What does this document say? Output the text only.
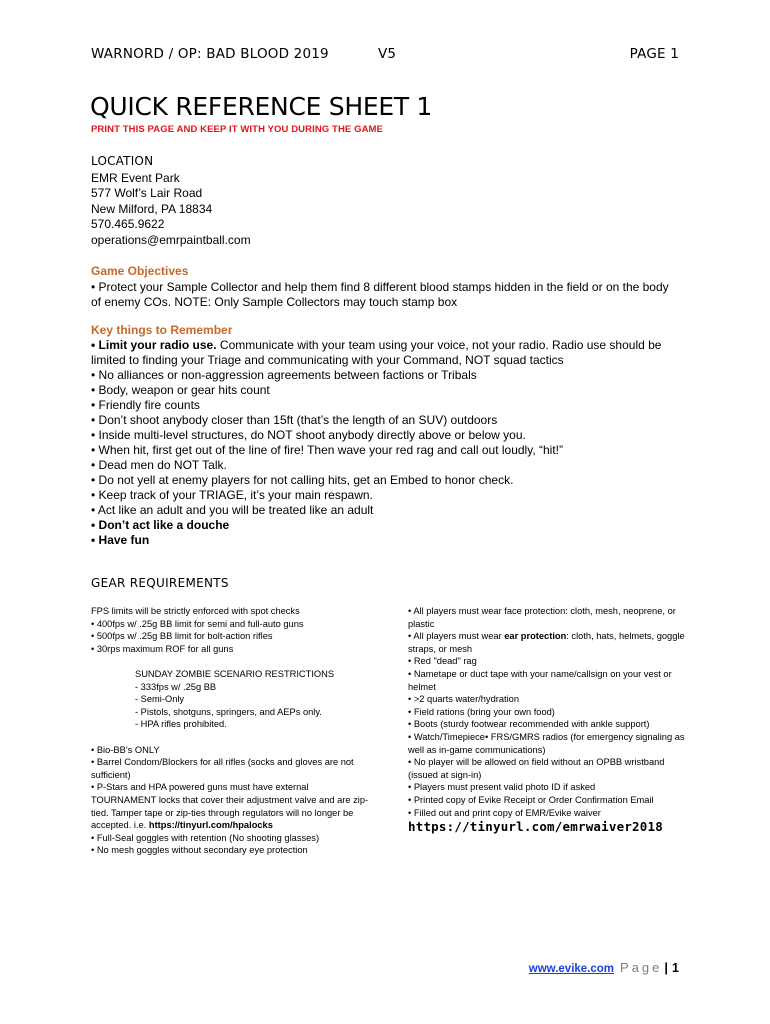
WARNORD / OP: BAD BLOOD 2019	V5	PAGE 1
QUICK REFERENCE SHEET 1
PRINT THIS PAGE AND KEEP IT WITH YOU DURING THE GAME
LOCATION
EMR Event Park
577 Wolf’s Lair Road
New Milford, PA 18834
570.465.9622
operations@emrpaintball.com
Game Objectives
• Protect your Sample Collector and help them find 8 different blood stamps hidden in the field or on the body of enemy COs. NOTE: Only Sample Collectors may touch stamp box
Key things to Remember
• Limit your radio use. Communicate with your team using your voice, not your radio. Radio use should be limited to finding your Triage and communicating with your Command, NOT squad tactics
• No alliances or non-aggression agreements between factions or Tribals
• Body, weapon or gear hits count
• Friendly fire counts
• Don’t shoot anybody closer than 15ft (that’s the length of an SUV) outdoors
• Inside multi-level structures, do NOT shoot anybody directly above or below you.
• When hit, first get out of the line of fire! Then wave your red rag and call out loudly, “hit!”
• Dead men do NOT Talk.
• Do not yell at enemy players for not calling hits, get an Embed to honor check.
• Keep track of your TRIAGE, it’s your main respawn.
• Act like an adult and you will be treated like an adult
• Don’t act like a douche
• Have fun
GEAR REQUIREMENTS
FPS limits will be strictly enforced with spot checks
• 400fps w/ .25g BB limit for semi and full-auto guns
• 500fps w/ .25g BB limit for bolt-action rifles
• 30rps maximum ROF for all guns
SUNDAY ZOMBIE SCENARIO RESTRICTIONS
- 333fps w/ .25g BB
- Semi-Only
- Pistols, shotguns, springers, and AEPs only.
- HPA rifles prohibited.
• Bio-BB’s ONLY
• Barrel Condom/Blockers for all rifles (socks and gloves are not sufficient)
• P-Stars and HPA powered guns must have external TOURNAMENT locks that cover their adjustment valve and are zip-tied. Tamper tape or zip-ties through regulators will no longer be accepted. i.e. https://tinyurl.com/hpalocks
• Full-Seal goggles with retention (No shooting glasses)
• No mesh goggles without secondary eye protection
• All players must wear face protection: cloth, mesh, neoprene, or plastic
• All players must wear ear protection: cloth, hats, helmets, goggle straps, or mesh
• Red "dead" rag
• Nametape or duct tape with your name/callsign on your vest or helmet
• >2 quarts water/hydration
• Field rations (bring your own food)
• Boots (sturdy footwear recommended with ankle support)
• Watch/Timepiece• FRS/GMRS radios (for emergency signaling as well as in-game communications)
• No player will be allowed on field without an OPBB wristband (issued at sign-in)
• Players must present valid photo ID if asked
• Printed copy of Evike Receipt or Order Confirmation Email
• Filled out and print copy of EMR/Evike waiver
https://tinyurl.com/emrwaiver2018
www.evike.com Page | 1
